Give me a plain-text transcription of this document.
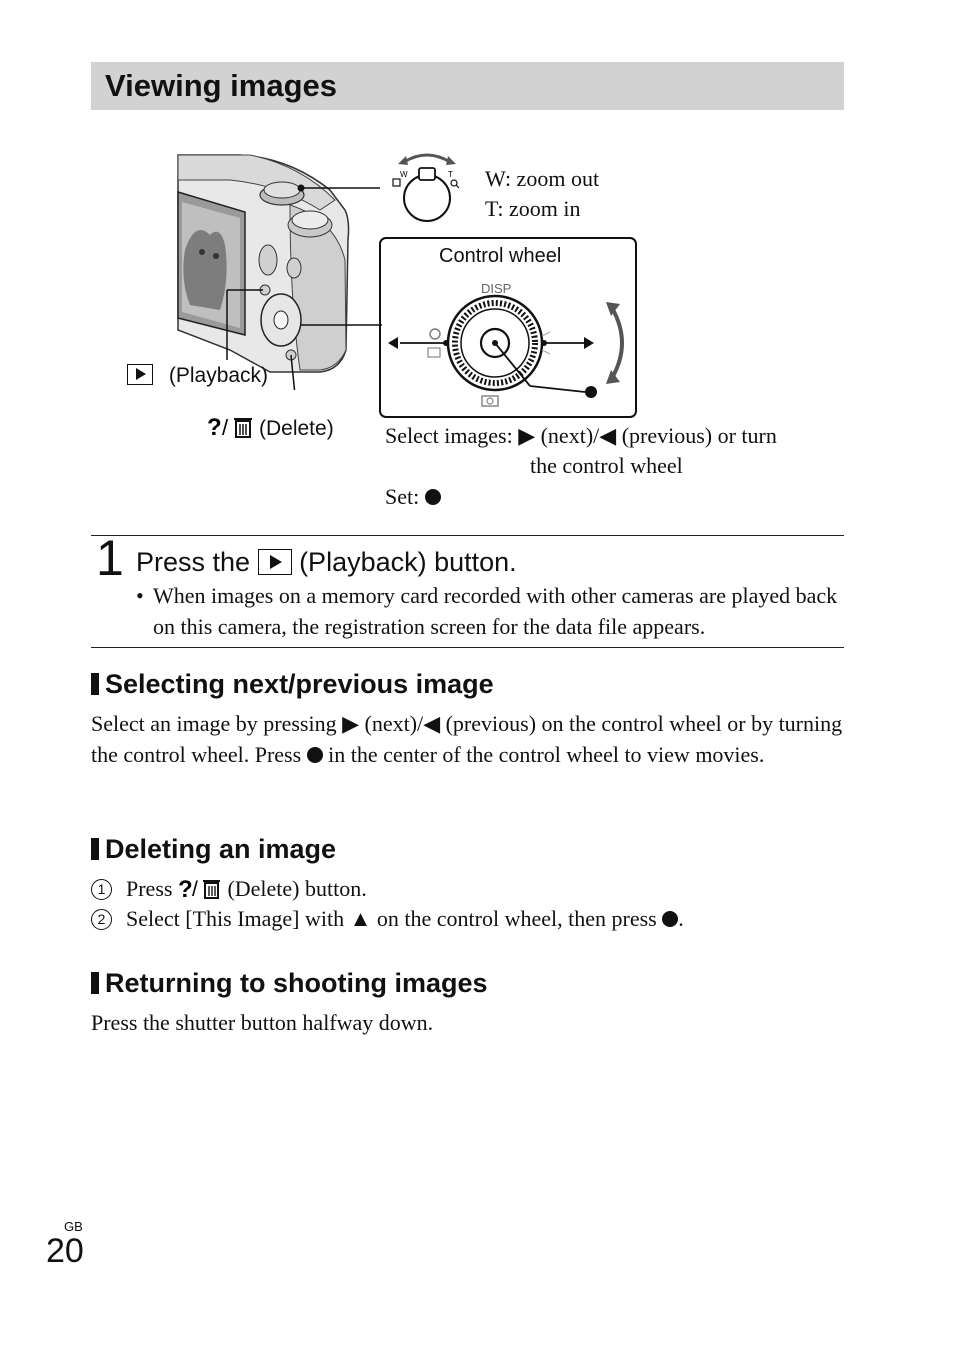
Viewing images
W	T W: zoom out
T: zoom in
Control wheel
DISP
(Playback)
? / (Delete) Select images: ▶ (next)/◀ (previous) or turn
the control wheel
Set:
1 Press the  (Playback) button.
• When images on a memory card recorded with other cameras are played back on this camera, the registration screen for the data file appears.
Selecting next/previous image
Select an image by pressing ▶ (next)/◀ (previous) on the control wheel or by turning the control wheel. Press  in the center of the control wheel to view movies.
Deleting an image
1 Press ? / (Delete) button.
2 Select [This Image] with ▲ on the control wheel, then press .
Returning to shooting images
Press the shutter button halfway down.
GB
20
